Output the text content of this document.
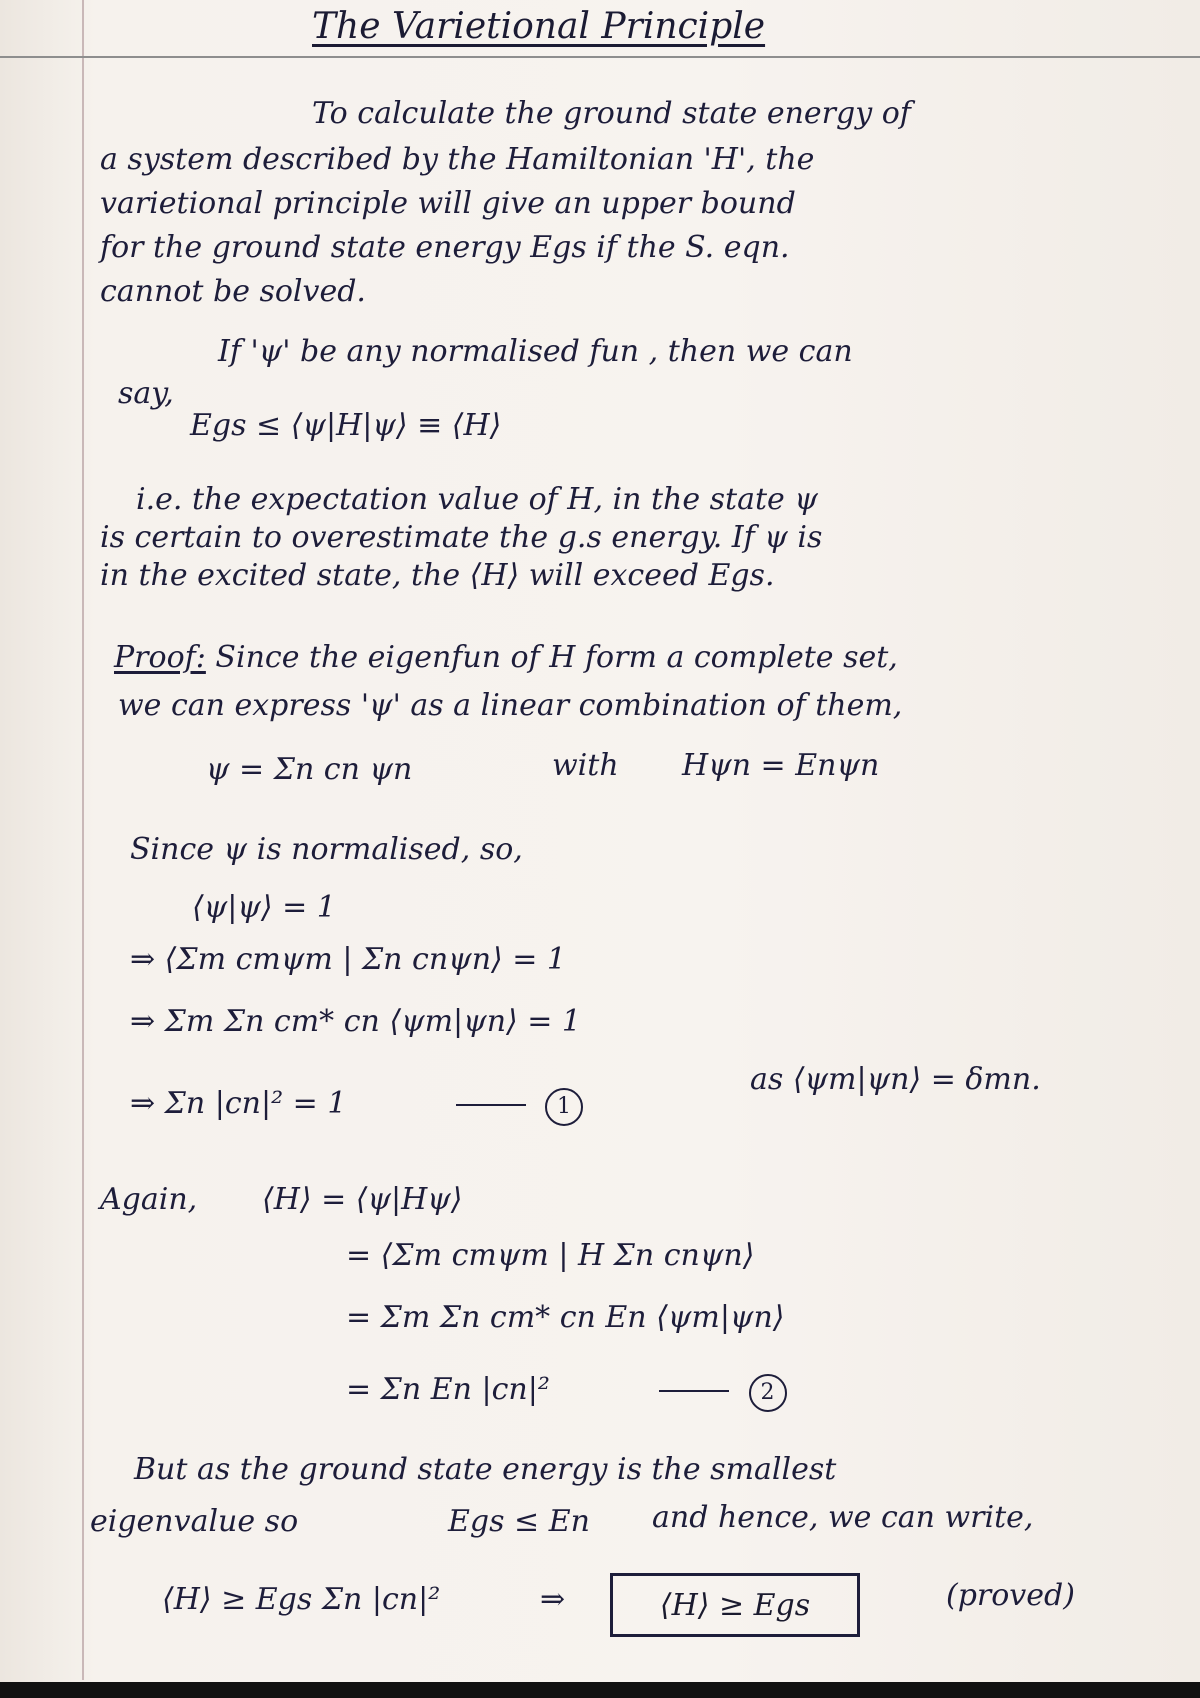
The Varietional Principle
To calculate the ground state energy of
a system described by the Hamiltonian 'H', the
varietional principle will give an upper bound
for the ground state energy Egs if the S. eqn.
cannot be solved.
If 'ψ' be any normalised fun , then we can
say,
Egs ≤ ⟨ψ|H|ψ⟩ ≡ ⟨H⟩
i.e. the expectation value of H, in the state ψ
is certain to overestimate the g.s energy. If ψ is
in the excited state, the ⟨H⟩ will exceed Egs.
Proof: Since the eigenfun of H form a complete set,
we can express 'ψ' as a linear combination of them,
ψ = Σn cn ψn	with Hψn = Enψn
Since ψ is normalised, so,
⟨ψ|ψ⟩ = 1
⇒ ⟨Σm cmψm | Σn cnψn⟩ = 1
⇒ Σm Σn cm* cn ⟨ψm|ψn⟩ = 1
⇒ Σn |cn|² = 1	1
as ⟨ψm|ψn⟩ = δmn.
Again, ⟨H⟩ = ⟨ψ|Hψ⟩
= ⟨Σm cmψm | H Σn cnψn⟩
= Σm Σn cm* cn En ⟨ψm|ψn⟩
= Σn En |cn|²	2
But as the ground state energy is the smallest
eigenvalue so	Egs ≤ En and hence, we can write,
⟨H⟩ ≥ Egs Σn |cn|²	⇒	⟨H⟩ ≥ Egs	(proved)
